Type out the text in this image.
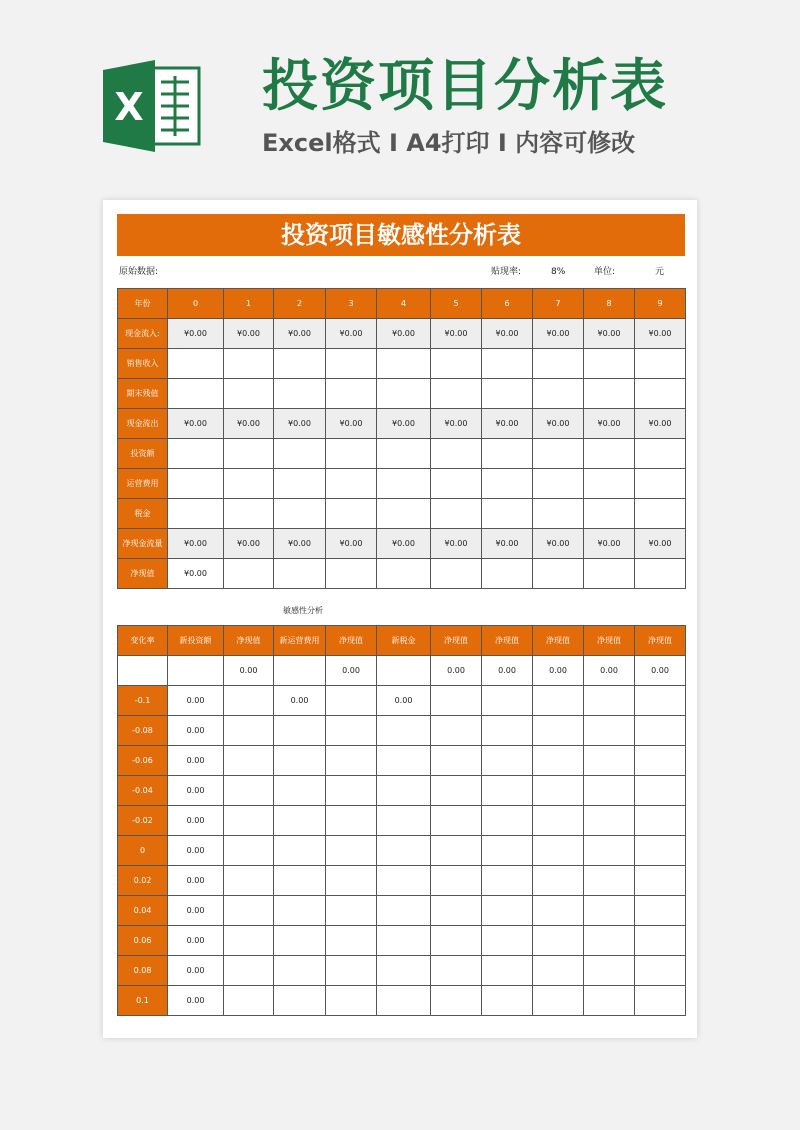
X 投资项目分析表
Excel格式 I A4打印 I 内容可修改
投资项目敏感性分析表
原始数据:	贴现率:	8%	单位:	元
年份	0	1	2	3	4	5	6	7	8	9
现金流入:	¥0.00	¥0.00	¥0.00	¥0.00	¥0.00	¥0.00	¥0.00	¥0.00	¥0.00	¥0.00
销售收入										
期末残值										
现金流出	¥0.00	¥0.00	¥0.00	¥0.00	¥0.00	¥0.00	¥0.00	¥0.00	¥0.00	¥0.00
投资额										
运营费用										
税金										
净现金流量	¥0.00	¥0.00	¥0.00	¥0.00	¥0.00	¥0.00	¥0.00	¥0.00	¥0.00	¥0.00
净现值	¥0.00									
敏感性分析
变化率	新投资额	净现值	新运营费用	净现值	新税金	净现值	净现值	净现值	净现值	净现值
		0.00		0.00		0.00	0.00	0.00	0.00	0.00
-0.1	0.00		0.00		0.00					
-0.08	0.00									
-0.06	0.00									
-0.04	0.00									
-0.02	0.00									
0	0.00									
0.02	0.00									
0.04	0.00									
0.06	0.00									
0.08	0.00									
0.1	0.00									
